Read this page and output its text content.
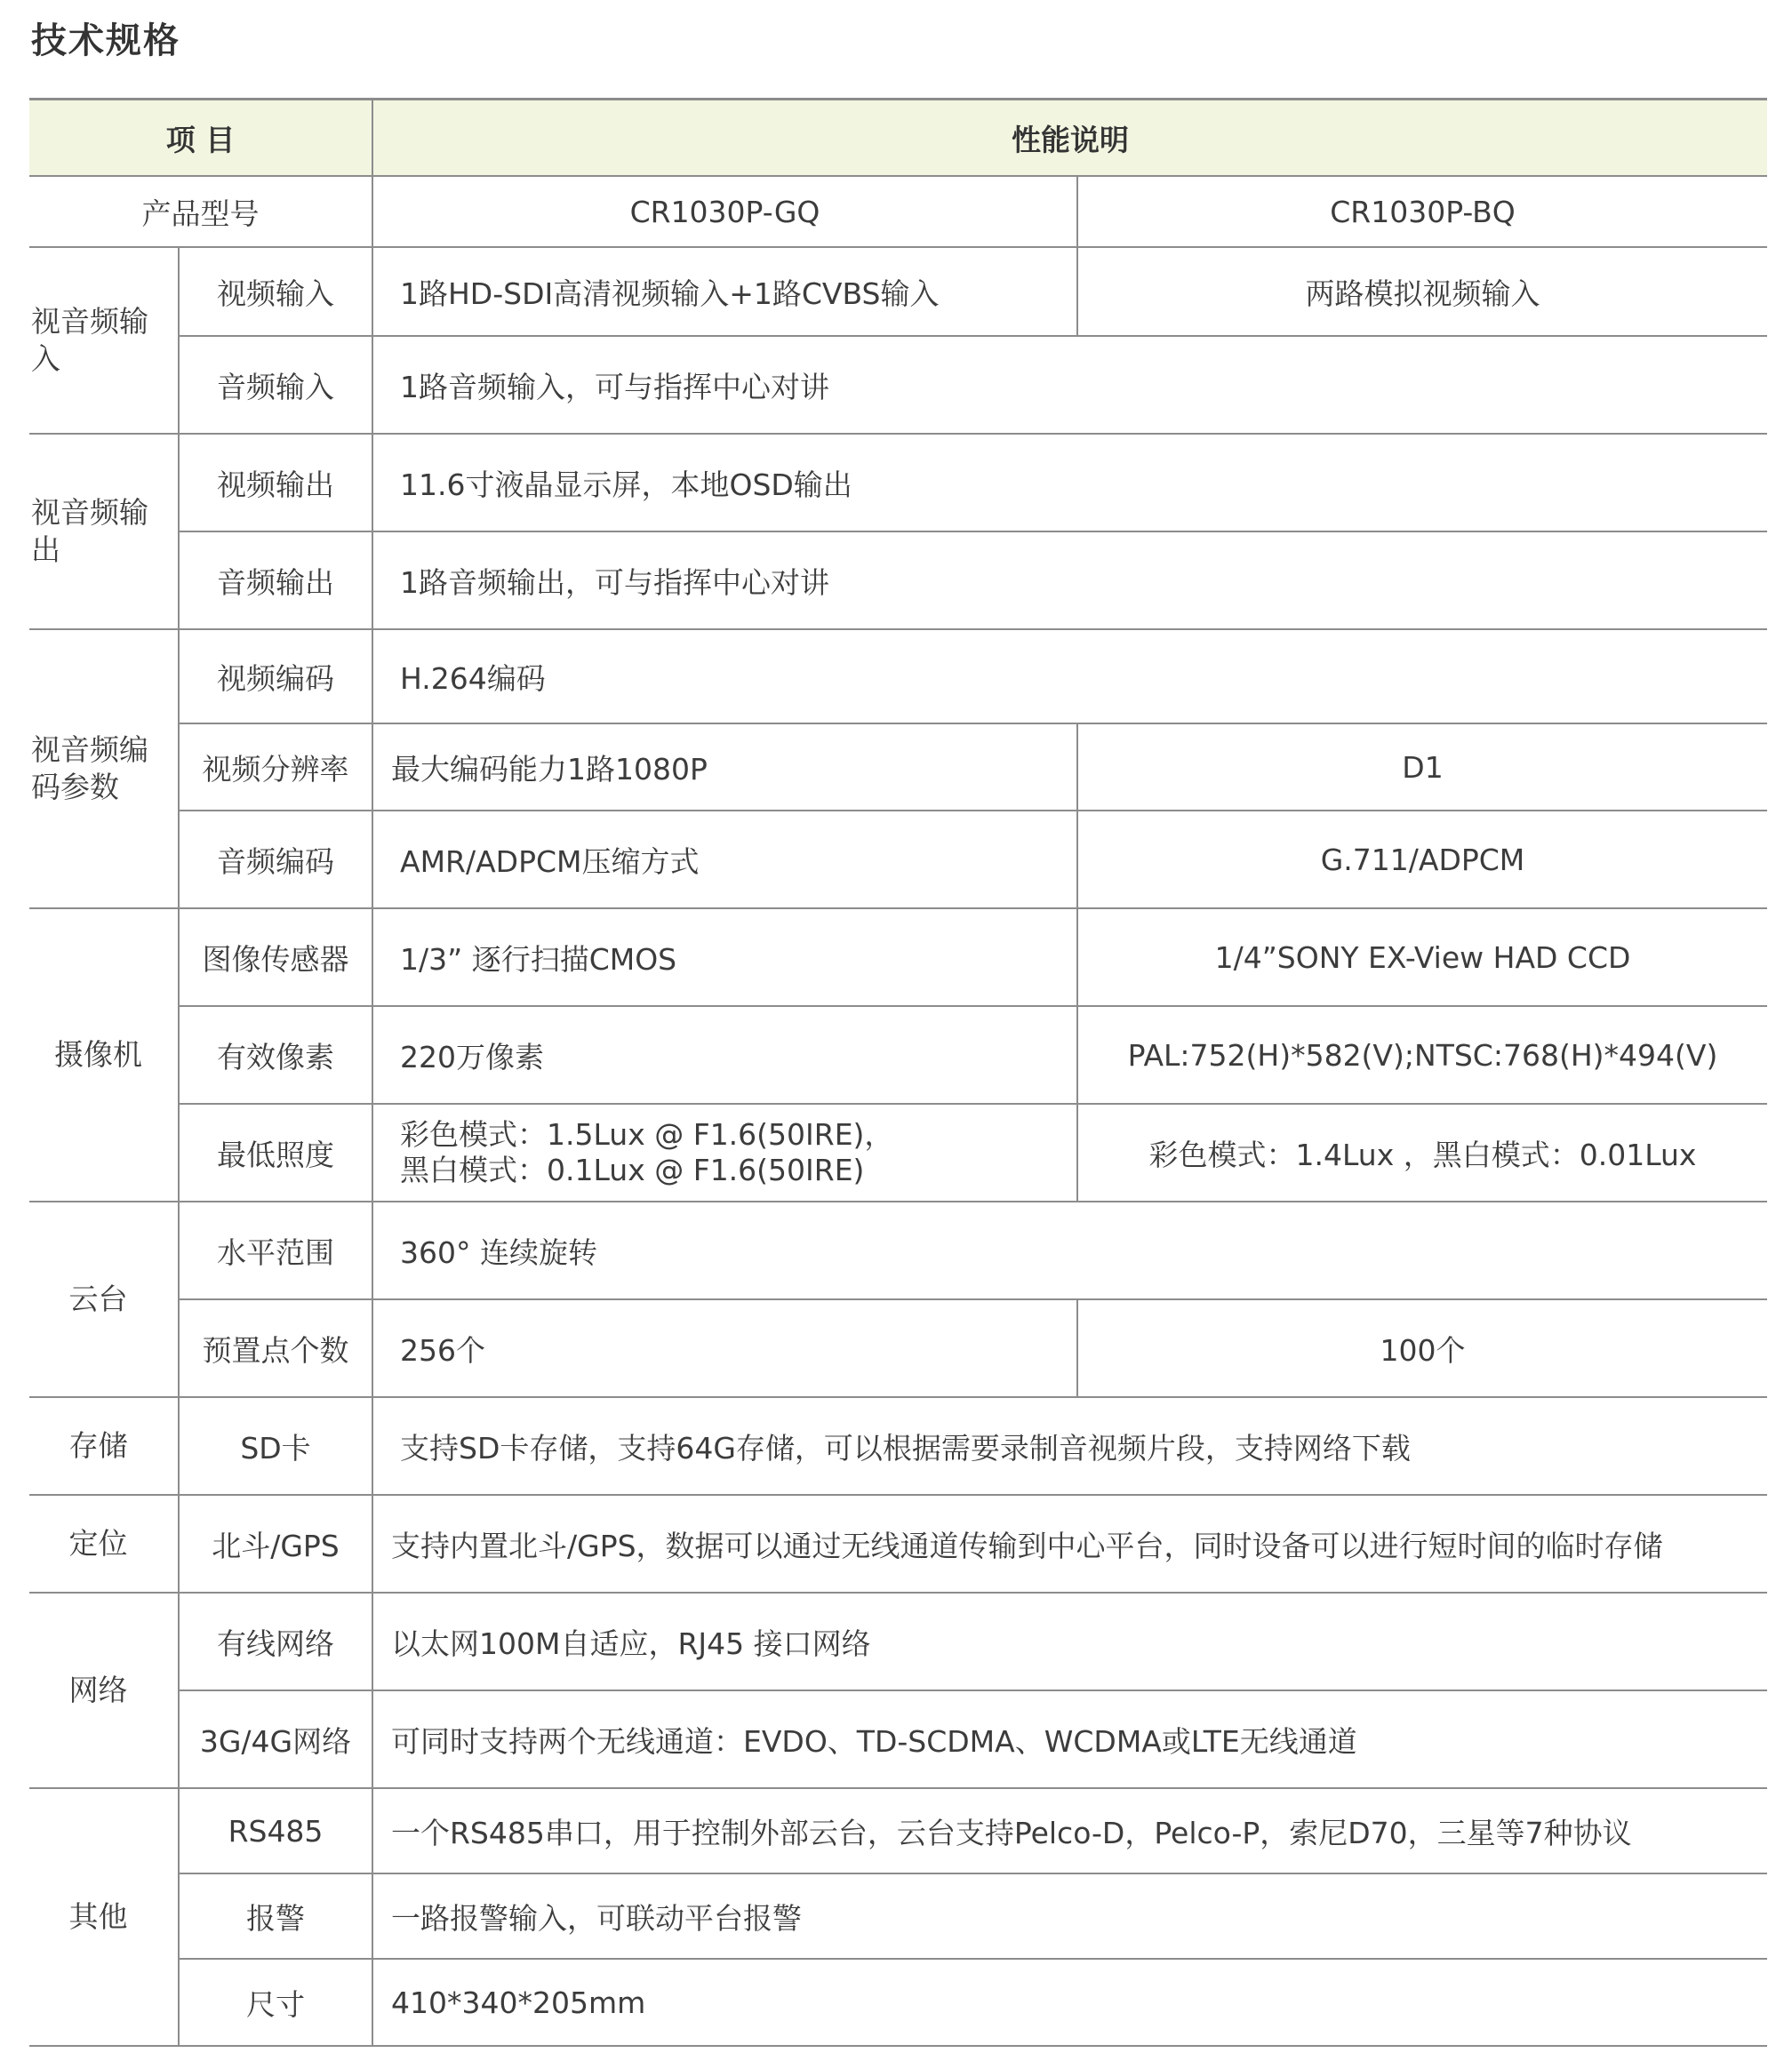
技术规格
项 目		性能说明	
产品型号		CR1030P-GQ	CR1030P-BQ
视音频输入	视频输入	1路HD-SDI高清视频输入+1路CVBS输入	两路模拟视频输入
	音频输入	1路音频输入，可与指挥中心对讲	
视音频输出	视频输出	11.6寸液晶显示屏，本地OSD输出	
	音频输出	1路音频输出，可与指挥中心对讲	
视音频编码参数	视频编码	H.264编码	
	视频分辨率	最大编码能力1路1080P	D1
	音频编码	AMR/ADPCM压缩方式	G.711/ADPCM
摄像机	图像传感器	1/3” 逐行扫描CMOS	1/4”SONY EX-View HAD CCD
	有效像素	220万像素	PAL:752(H)*582(V);NTSC:768(H)*494(V)
	最低照度	彩色模式：1.5Lux @ F1.6(50IRE)，
黑白模式：0.1Lux @ F1.6(50IRE)	彩色模式：1.4Lux ，黑白模式：0.01Lux
云台	水平范围	360° 连续旋转	
	预置点个数	256个	100个
存储	SD卡	支持SD卡存储，支持64G存储，可以根据需要录制音视频片段，支持网络下载	
定位	北斗/GPS	支持内置北斗/GPS，数据可以通过无线通道传输到中心平台，同时设备可以进行短时间的临时存储	
网络	有线网络	以太网100M自适应，RJ45 接口网络	
	3G/4G网络	可同时支持两个无线通道：EVDO、TD-SCDMA、WCDMA或LTE无线通道	
其他	RS485	一个RS485串口，用于控制外部云台，云台支持Pelco-D，Pelco-P，索尼D70，三星等7种协议	
	报警	一路报警输入，可联动平台报警	
	尺寸	410*340*205mm	
